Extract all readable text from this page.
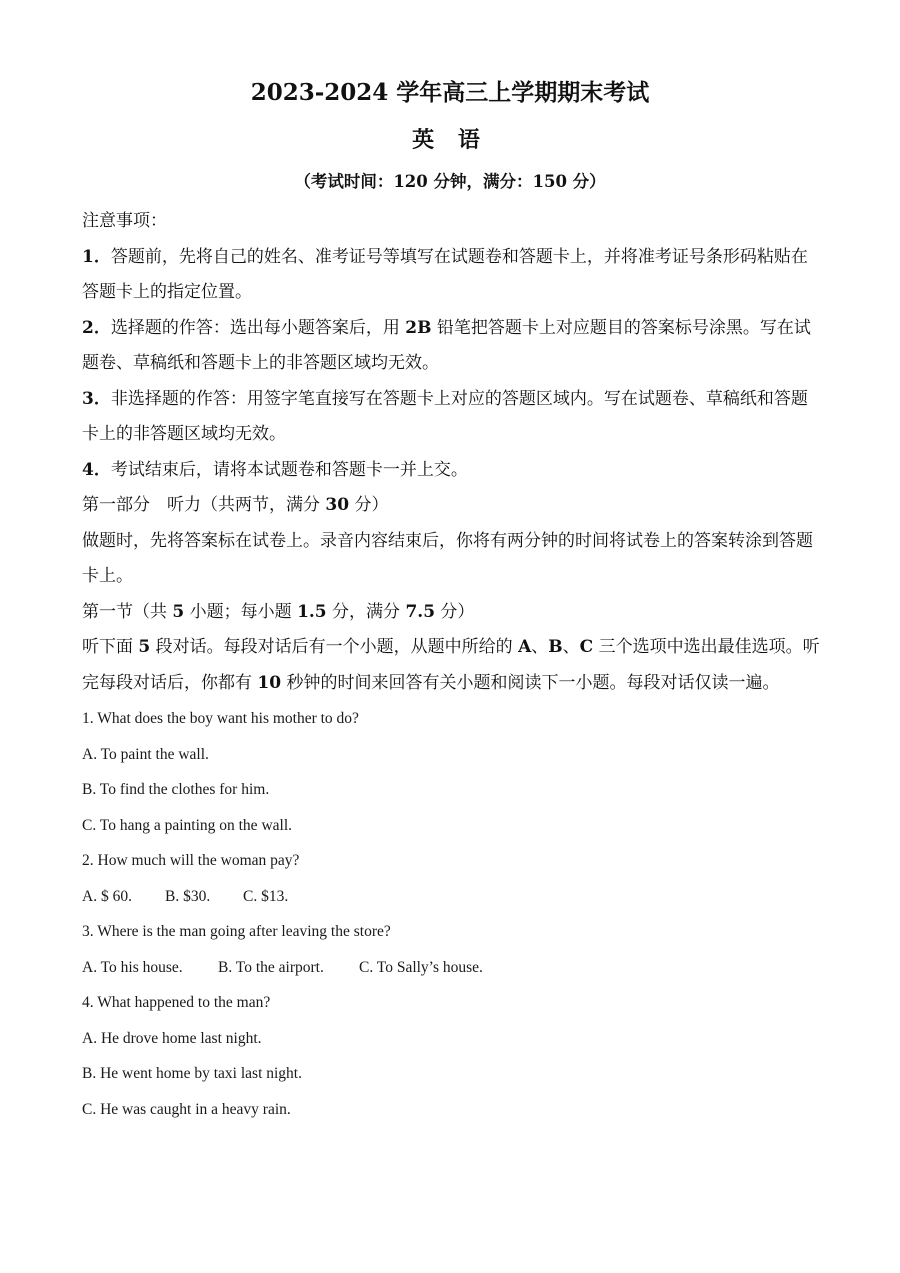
2023-2024 学年高三上学期期末考试
英 语
（考试时间：120 分钟，满分：150 分）

注意事项：

1．答题前，先将自己的姓名、准考证号等填写在试题卷和答题卡上，并将准考证号条形码粘贴在答题卡上的指定位置。

2．选择题的作答：选出每小题答案后，用 2B 铅笔把答题卡上对应题目的答案标号涂黑。写在试题卷、草稿纸和答题卡上的非答题区域均无效。

3．非选择题的作答：用签字笔直接写在答题卡上对应的答题区域内。写在试题卷、草稿纸和答题卡上的非答题区域均无效。

4．考试结束后，请将本试题卷和答题卡一并上交。

第一部分　听力（共两节，满分 30 分）

做题时，先将答案标在试卷上。录音内容结束后，你将有两分钟的时间将试卷上的答案转涂到答题卡上。

第一节（共 5 小题；每小题 1.5 分，满分 7.5 分）

听下面 5 段对话。每段对话后有一个小题，从题中所给的 A、B、C 三个选项中选出最佳选项。听完每段对话后，你都有 10 秒钟的时间来回答有关小题和阅读下一小题。每段对话仅读一遍。

1. What does the boy want his mother to do?

A. To paint the wall.

B. To find the clothes for him.

C. To hang a painting on the wall.

2. How much will the woman pay?

A. $ 60.	B. $30.	C. $13.

3. Where is the man going after leaving the store?

A. To his house.	B. To the airport.	C. To Sally’s house.

4. What happened to the man?

A. He drove home last night.

B. He went home by taxi last night.

C. He was caught in a heavy rain.
